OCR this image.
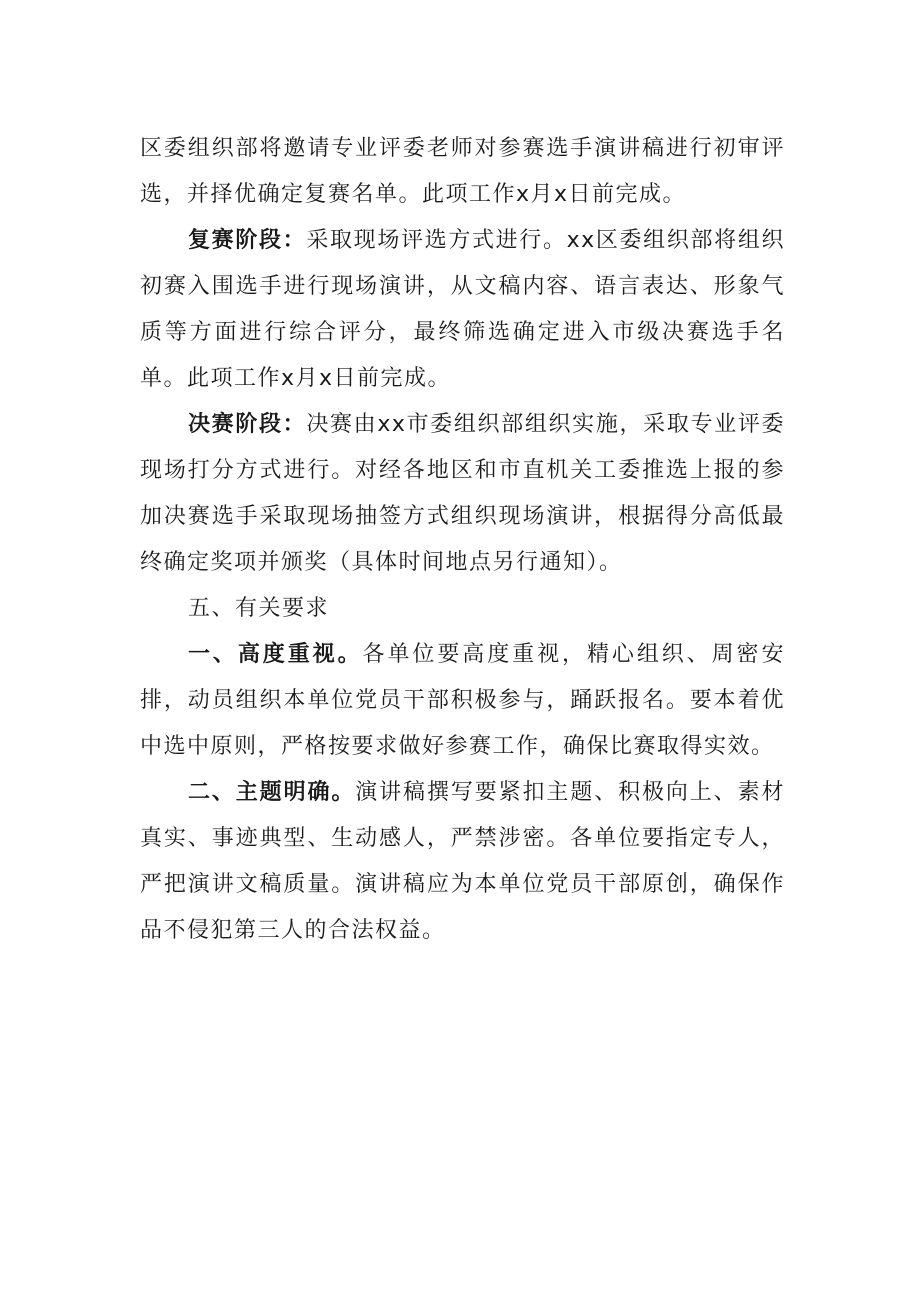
区委组织部将邀请专业评委老师对参赛选手演讲稿进行初审评选，并择优确定复赛名单。此项工作x月x日前完成。

复赛阶段：采取现场评选方式进行。xx区委组织部将组织初赛入围选手进行现场演讲，从文稿内容、语言表达、形象气质等方面进行综合评分，最终筛选确定进入市级决赛选手名单。此项工作x月x日前完成。

决赛阶段：决赛由xx市委组织部组织实施，采取专业评委现场打分方式进行。对经各地区和市直机关工委推选上报的参加决赛选手采取现场抽签方式组织现场演讲，根据得分高低最终确定奖项并颁奖（具体时间地点另行通知）。

五、有关要求

一、高度重视。各单位要高度重视，精心组织、周密安排，动员组织本单位党员干部积极参与，踊跃报名。要本着优中选中原则，严格按要求做好参赛工作，确保比赛取得实效。

二、主题明确。演讲稿撰写要紧扣主题、积极向上、素材真实、事迹典型、生动感人，严禁涉密。各单位要指定专人，严把演讲文稿质量。演讲稿应为本单位党员干部原创，确保作品不侵犯第三人的合法权益。
